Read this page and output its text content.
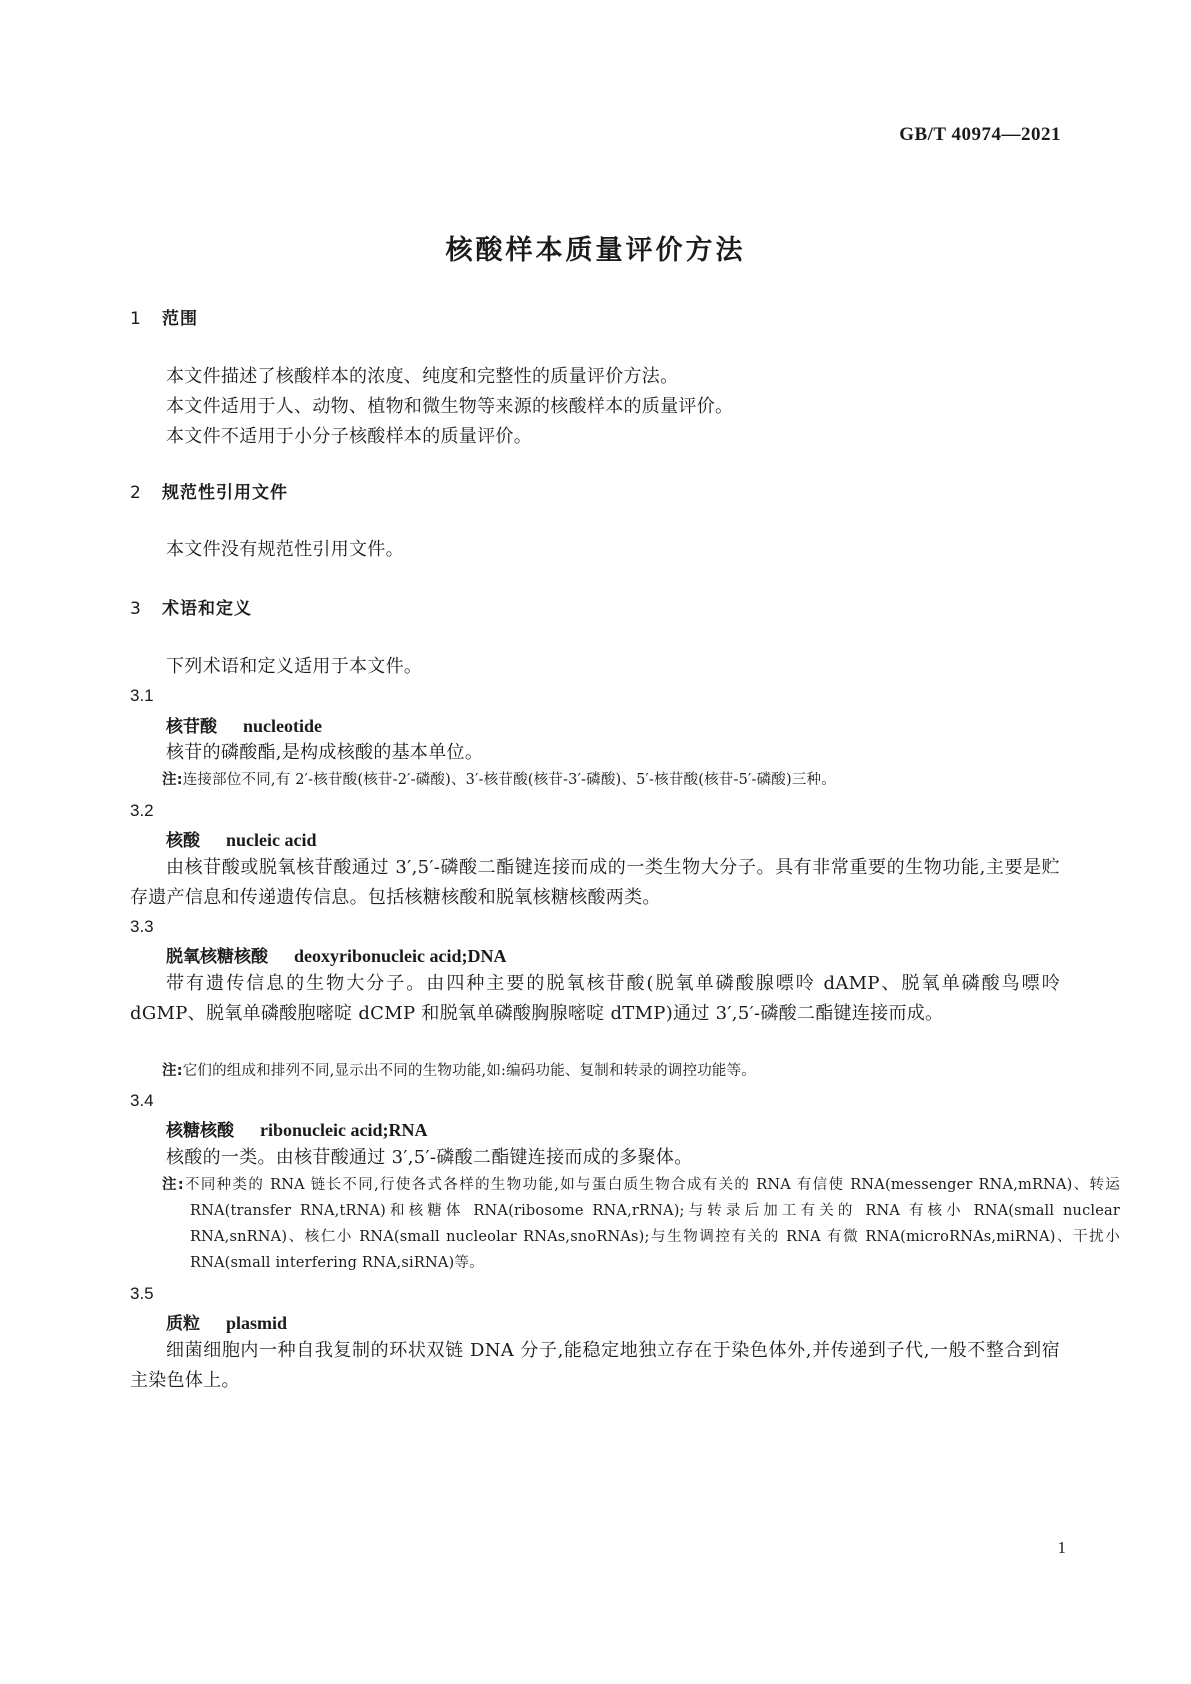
GB/T 40974—2021
核酸样本质量评价方法
1 范围
本文件描述了核酸样本的浓度、纯度和完整性的质量评价方法。
本文件适用于人、动物、植物和微生物等来源的核酸样本的质量评价。
本文件不适用于小分子核酸样本的质量评价。
2 规范性引用文件
本文件没有规范性引用文件。
3 术语和定义
下列术语和定义适用于本文件。
3.1
核苷酸 nucleotide
核苷的磷酸酯,是构成核酸的基本单位。
注:连接部位不同,有 2′-核苷酸(核苷-2′-磷酸)、3′-核苷酸(核苷-3′-磷酸)、5′-核苷酸(核苷-5′-磷酸)三种。
3.2
核酸 nucleic acid
由核苷酸或脱氧核苷酸通过 3′,5′-磷酸二酯键连接而成的一类生物大分子。具有非常重要的生物功能,主要是贮存遗产信息和传递遗传信息。包括核糖核酸和脱氧核糖核酸两类。
3.3
脱氧核糖核酸 deoxyribonucleic acid;DNA
带有遗传信息的生物大分子。由四种主要的脱氧核苷酸(脱氧单磷酸腺嘌呤 dAMP、脱氧单磷酸鸟嘌呤 dGMP、脱氧单磷酸胞嘧啶 dCMP 和脱氧单磷酸胸腺嘧啶 dTMP)通过 3′,5′-磷酸二酯键连接而成。
注:它们的组成和排列不同,显示出不同的生物功能,如:编码功能、复制和转录的调控功能等。
3.4
核糖核酸 ribonucleic acid;RNA
核酸的一类。由核苷酸通过 3′,5′-磷酸二酯键连接而成的多聚体。
注:不同种类的 RNA 链长不同,行使各式各样的生物功能,如与蛋白质生物合成有关的 RNA 有信使 RNA(messenger RNA,mRNA)、转运 RNA(transfer RNA,tRNA)和核糖体 RNA(ribosome RNA,rRNA);与转录后加工有关的 RNA 有核小 RNA(small nuclear RNA,snRNA)、核仁小 RNA(small nucleolar RNAs,snoRNAs);与生物调控有关的 RNA 有微 RNA(microRNAs,miRNA)、干扰小 RNA(small interfering RNA,siRNA)等。
3.5
质粒 plasmid
细菌细胞内一种自我复制的环状双链 DNA 分子,能稳定地独立存在于染色体外,并传递到子代,一般不整合到宿主染色体上。
1
